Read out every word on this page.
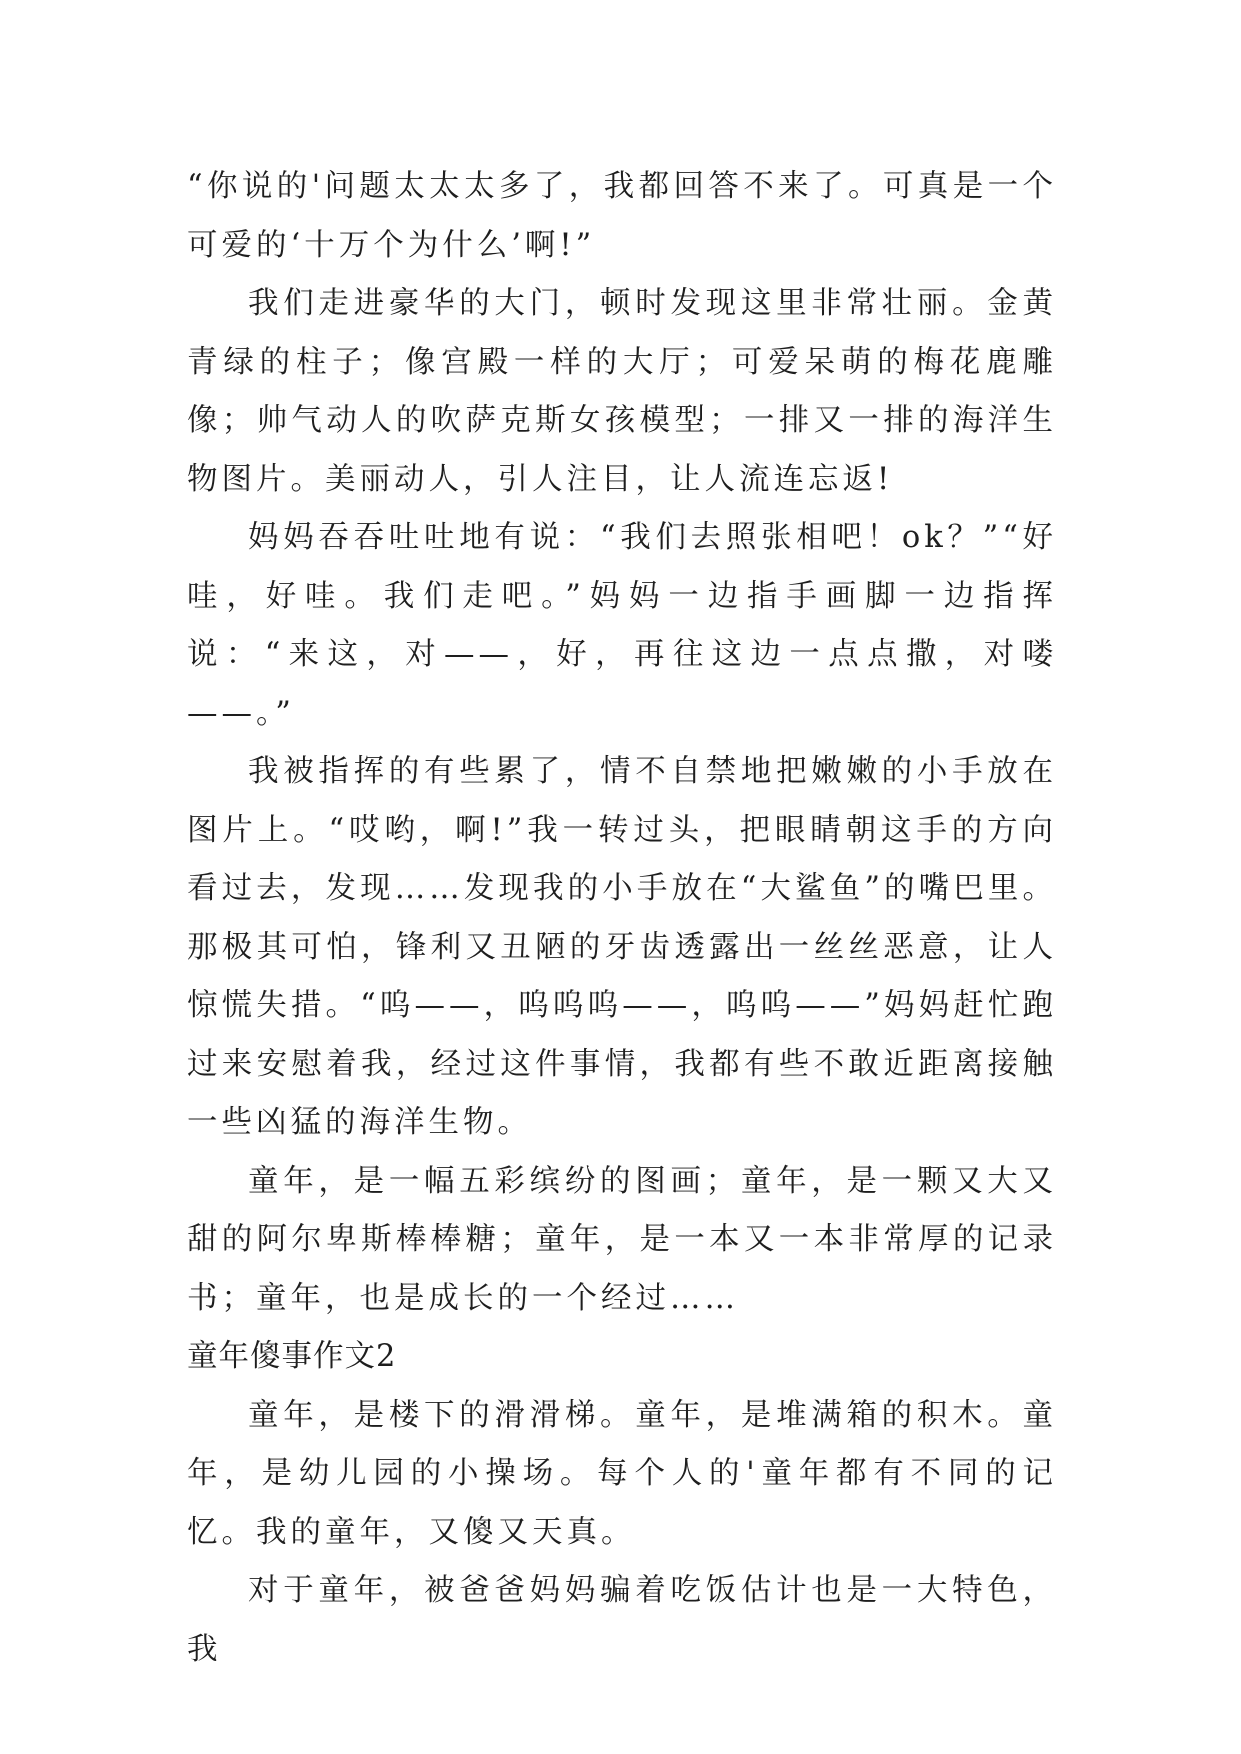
“你说的'问题太太太多了，我都回答不来了。可真是一个可爱的‘十万个为什么’啊!”

我们走进豪华的大门，顿时发现这里非常壮丽。金黄青绿的柱子；像宫殿一样的大厅；可爱呆萌的梅花鹿雕像；帅气动人的吹萨克斯女孩模型；一排又一排的海洋生物图片。美丽动人，引人注目，让人流连忘返!

妈妈吞吞吐吐地有说：“我们去照张相吧！ok？”“好哇，好哇。我们走吧。”妈妈一边指手画脚一边指挥说：“来这，对——，好，再往这边一点点撒，对喽——。”

我被指挥的有些累了，情不自禁地把嫩嫩的小手放在图片上。“哎哟，啊!”我一转过头，把眼睛朝这手的方向看过去，发现……发现我的小手放在“大鲨鱼”的嘴巴里。那极其可怕，锋利又丑陋的牙齿透露出一丝丝恶意，让人惊慌失措。“呜——，呜呜呜——，呜呜——”妈妈赶忙跑过来安慰着我，经过这件事情，我都有些不敢近距离接触一些凶猛的海洋生物。

童年，是一幅五彩缤纷的图画；童年，是一颗又大又甜的阿尔卑斯棒棒糖；童年，是一本又一本非常厚的记录书；童年，也是成长的一个经过……

童年傻事作文2

童年，是楼下的滑滑梯。童年，是堆满箱的积木。童年，是幼儿园的小操场。每个人的'童年都有不同的记忆。我的童年，又傻又天真。

对于童年，被爸爸妈妈骗着吃饭估计也是一大特色，我
